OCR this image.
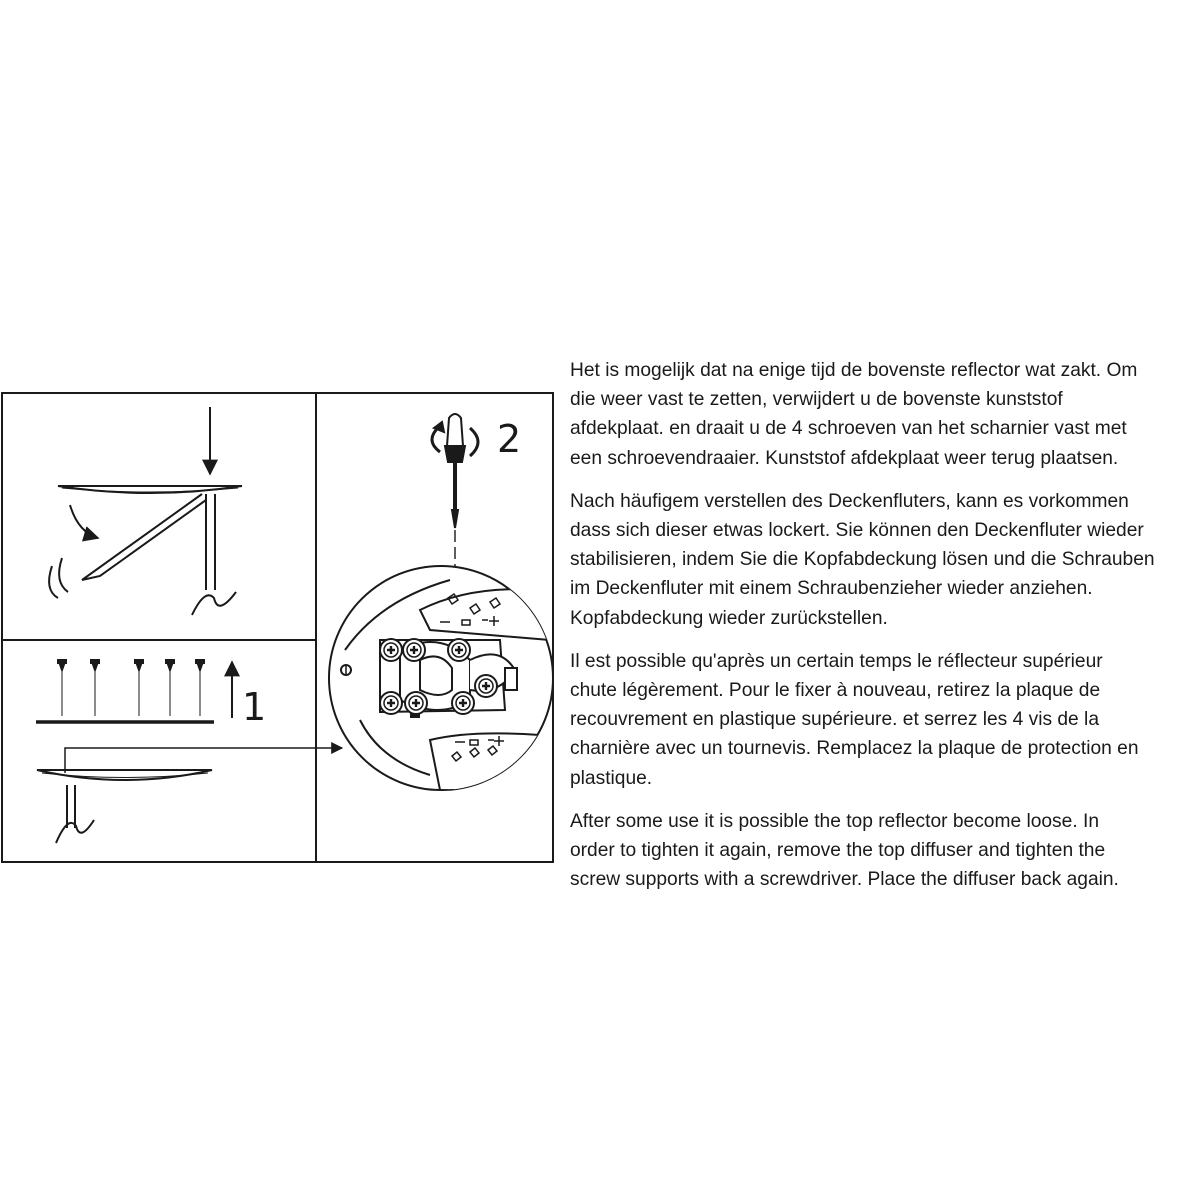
1
2

Het is mogelijk dat na enige tijd de bovenste reflector wat zakt. Om
die weer vast te zetten, verwijdert u de bovenste kunststof
afdekplaat. en draait u de 4 schroeven van het scharnier vast met
een schroevendraaier. Kunststof afdekplaat weer terug plaatsen.

Nach häufigem verstellen des Deckenfluters, kann es vorkommen
dass sich dieser etwas lockert. Sie können den Deckenfluter wieder
stabilisieren, indem Sie die Kopfabdeckung lösen und die Schrauben
im Deckenfluter mit einem Schraubenzieher wieder anziehen.
Kopfabdeckung wieder zurückstellen.

Il est possible qu'après un certain temps le réflecteur supérieur
chute légèrement. Pour le fixer à nouveau, retirez la plaque de
recouvrement en plastique supérieure. et serrez les 4 vis de la
charnière avec un tournevis. Remplacez la plaque de protection en
plastique.

After some use it is possible the top reflector become loose. In
order to tighten it again, remove the top diffuser and tighten the
screw supports with a screwdriver. Place the diffuser back again.
